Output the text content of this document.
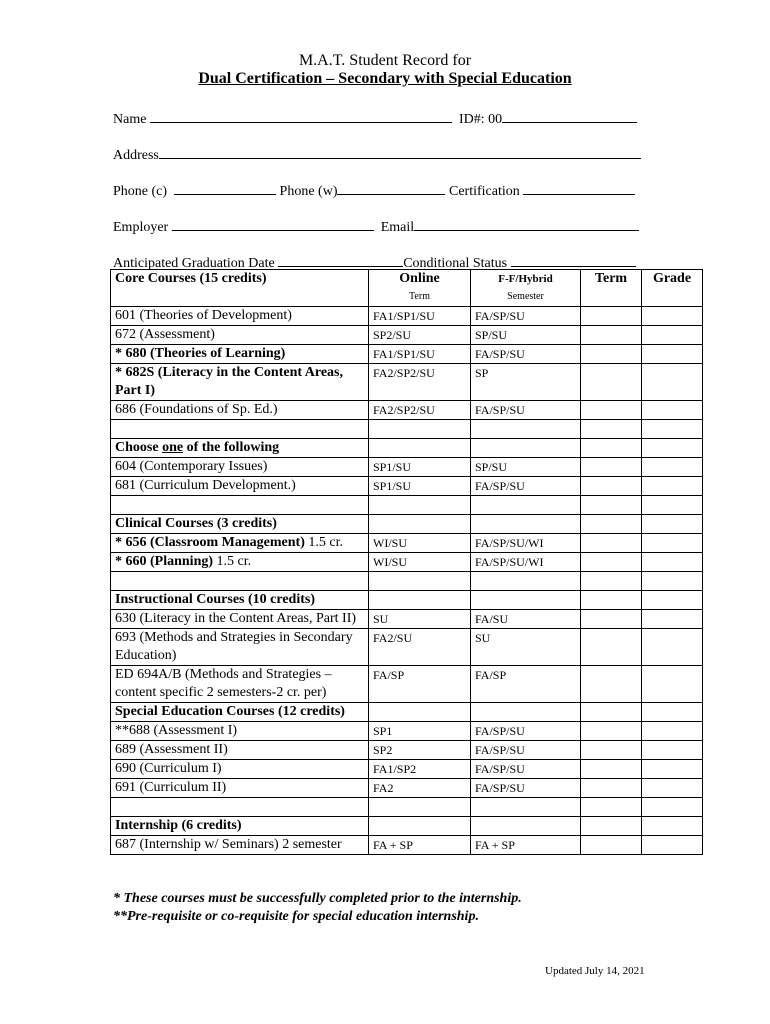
M.A.T. Student Record for
Dual Certification – Secondary with Special Education
Name	ID#: 00
Address
Phone (c)	Phone (w)	Certification
Employer	Email
Anticipated Graduation Date	Conditional Status
Core Courses (15 credits)	Online	F-F/Hybrid	Term	Grade
	Term	Semester		
601 (Theories of Development)	FA1/SP1/SU	FA/SP/SU		
672 (Assessment)	SP2/SU	SP/SU		
* 680 (Theories of Learning)	FA1/SP1/SU	FA/SP/SU		
* 682S (Literacy in the Content Areas, Part I)	FA2/SP2/SU	SP		
686 (Foundations of Sp. Ed.)	FA2/SP2/SU	FA/SP/SU		

Choose one of the following				
604 (Contemporary Issues)	SP1/SU	SP/SU		
681 (Curriculum Development.)	SP1/SU	FA/SP/SU		

Clinical Courses (3 credits)				
* 656 (Classroom Management) 1.5 cr.	WI/SU	FA/SP/SU/WI		
* 660 (Planning) 1.5 cr.	WI/SU	FA/SP/SU/WI		

Instructional Courses (10 credits)				
630 (Literacy in the Content Areas, Part II)	SU	FA/SU		
693 (Methods and Strategies in Secondary Education)	FA2/SU	SU		
ED 694A/B (Methods and Strategies – content specific 2 semesters-2 cr. per)	FA/SP	FA/SP		
Special Education Courses (12 credits)				
**688 (Assessment I)	SP1	FA/SP/SU		
689 (Assessment II)	SP2	FA/SP/SU		
690 (Curriculum I)	FA1/SP2	FA/SP/SU		
691 (Curriculum II)	FA2	FA/SP/SU		

Internship (6 credits)				
687 (Internship w/ Seminars) 2 semester	FA + SP	FA + SP		
* These courses must be successfully completed prior to the internship.
**Pre-requisite or co-requisite for special education internship.
Updated July 14, 2021
